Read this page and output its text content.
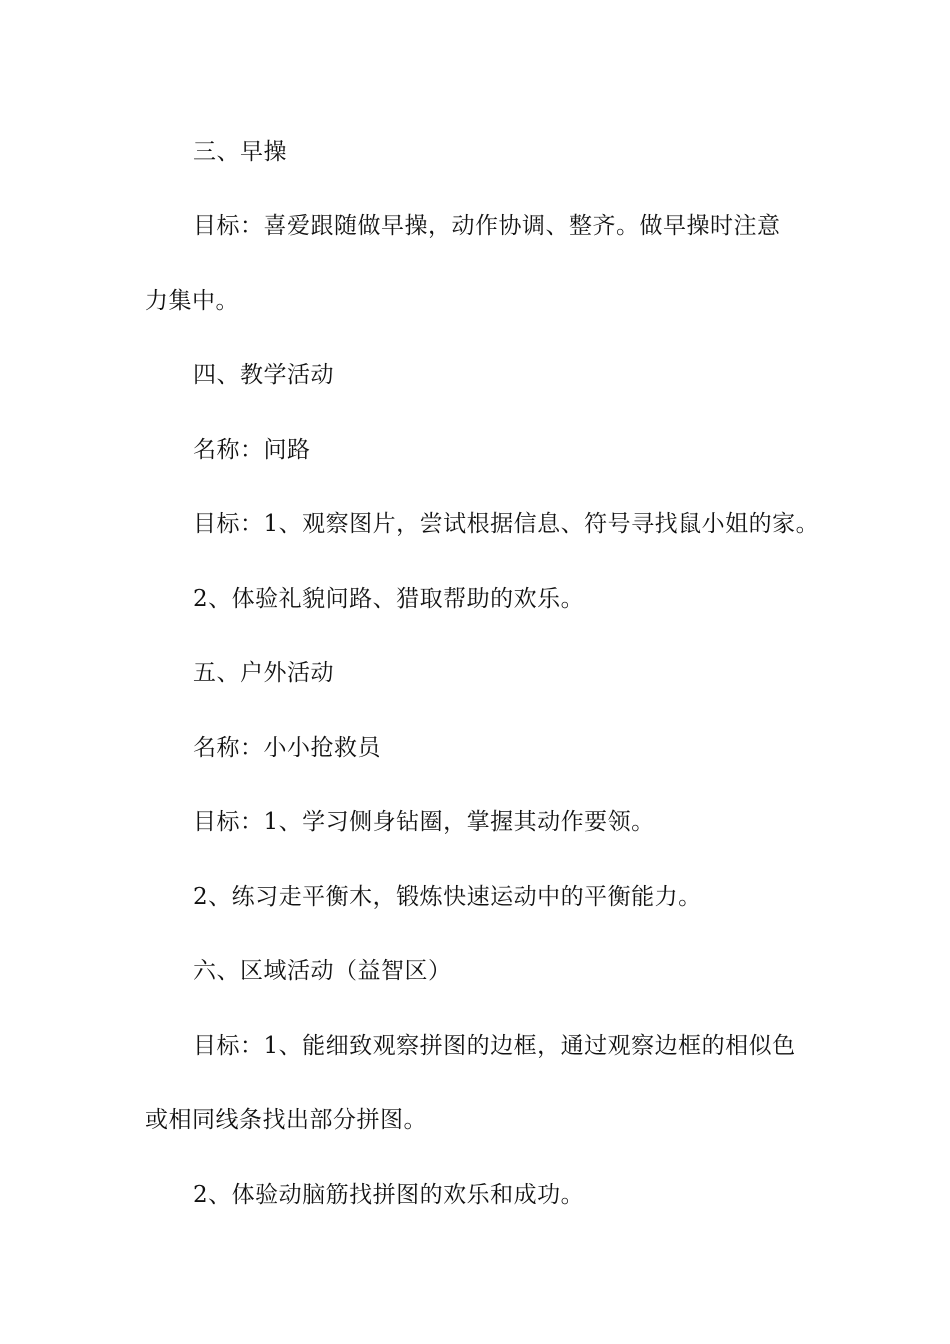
三、早操
目标：喜爱跟随做早操，动作协调、整齐。做早操时注意
力集中。
四、教学活动
名称：问路
目标：1、观察图片，尝试根据信息、符号寻找鼠小姐的家。
2、体验礼貌问路、猎取帮助的欢乐。
五、户外活动
名称：小小抢救员
目标：1、学习侧身钻圈，掌握其动作要领。
2、练习走平衡木，锻炼快速运动中的平衡能力。
六、区域活动（益智区）
目标：1、能细致观察拼图的边框，通过观察边框的相似色
或相同线条找出部分拼图。
2、体验动脑筋找拼图的欢乐和成功。
